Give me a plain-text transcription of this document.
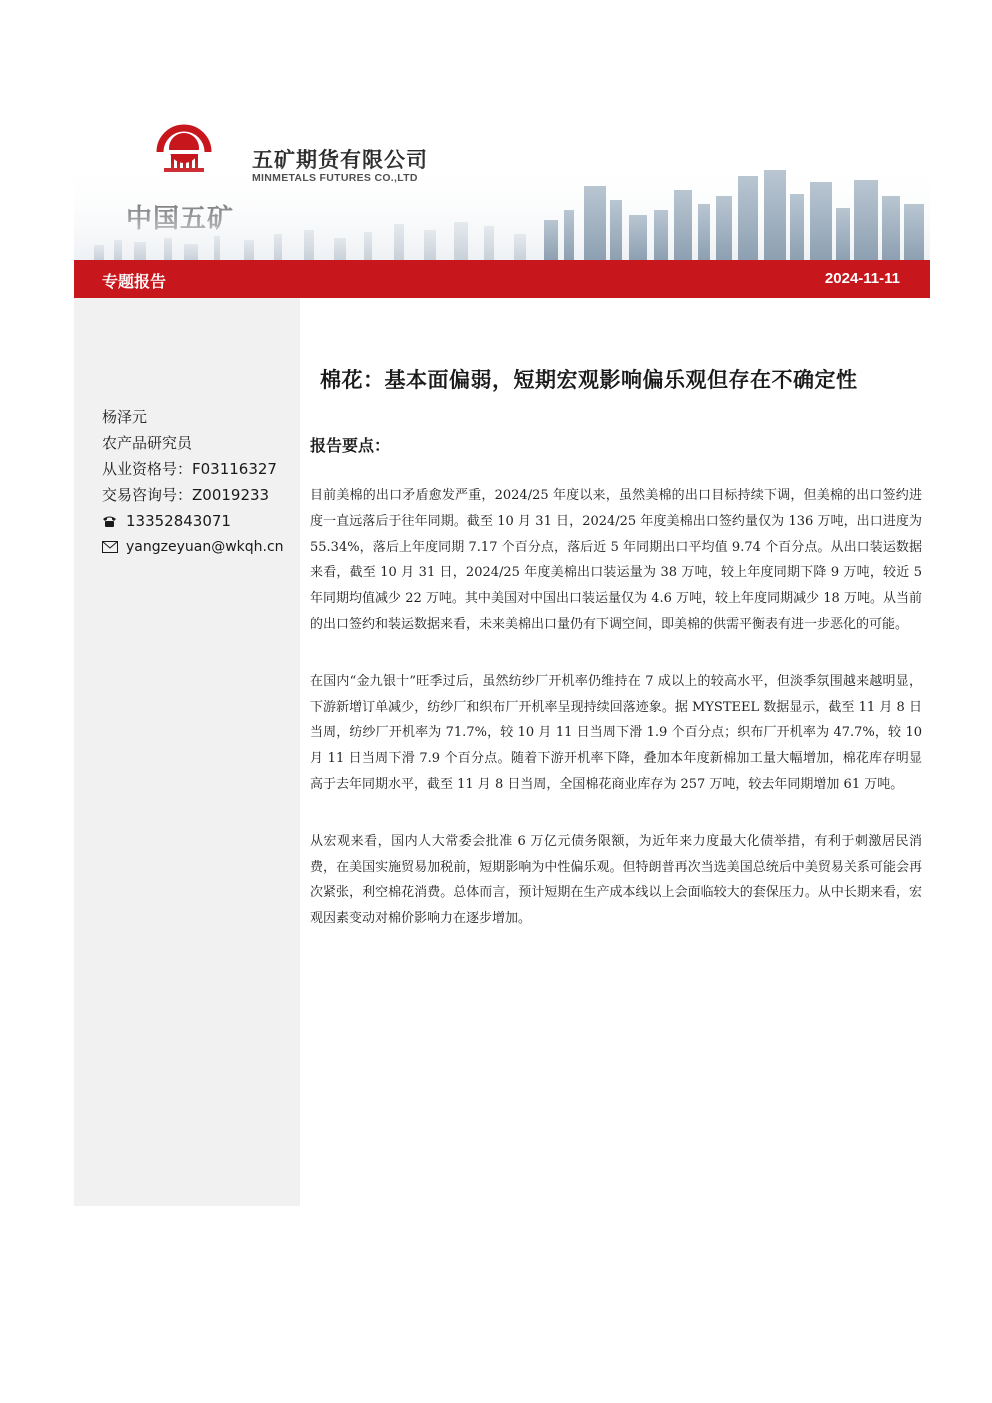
专题报告	2024-11-11
杨泽元
农产品研究员
从业资格号：F03116327
交易咨询号：Z0019233
13352843071
yangzeyuan@wkqh.cn
棉花：基本面偏弱，短期宏观影响偏乐观但存在不确定性
报告要点：

目前美棉的出口矛盾愈发严重，2024/25 年度以来，虽然美棉的出口目标持续下调，但美棉的出口签约进度一直远落后于往年同期。截至 10 月 31 日，2024/25 年度美棉出口签约量仅为 136 万吨，出口进度为 55.34%，落后上年度同期 7.17 个百分点，落后近 5 年同期出口平均值 9.74 个百分点。从出口装运数据来看，截至 10 月 31 日，2024/25 年度美棉出口装运量为 38 万吨，较上年度同期下降 9 万吨，较近 5 年同期均值减少 22 万吨。其中美国对中国出口装运量仅为 4.6 万吨，较上年度同期减少 18 万吨。从当前的出口签约和装运数据来看，未来美棉出口量仍有下调空间，即美棉的供需平衡表有进一步恶化的可能。

在国内“金九银十”旺季过后，虽然纺纱厂开机率仍维持在 7 成以上的较高水平，但淡季氛围越来越明显，下游新增订单减少，纺纱厂和织布厂开机率呈现持续回落迹象。据 MYSTEEL 数据显示，截至 11 月 8 日当周，纺纱厂开机率为 71.7%，较 10 月 11 日当周下滑 1.9 个百分点；织布厂开机率为 47.7%，较 10 月 11 日当周下滑 7.9 个百分点。随着下游开机率下降，叠加本年度新棉加工量大幅增加，棉花库存明显高于去年同期水平，截至 11 月 8 日当周，全国棉花商业库存为 257 万吨，较去年同期增加 61 万吨。

从宏观来看，国内人大常委会批准 6 万亿元债务限额，为近年来力度最大化债举措，有利于刺激居民消费，在美国实施贸易加税前，短期影响为中性偏乐观。但特朗普再次当选美国总统后中美贸易关系可能会再次紧张，利空棉花消费。总体而言，预计短期在生产成本线以上会面临较大的套保压力。从中长期来看，宏观因素变动对棉价影响力在逐步增加。
